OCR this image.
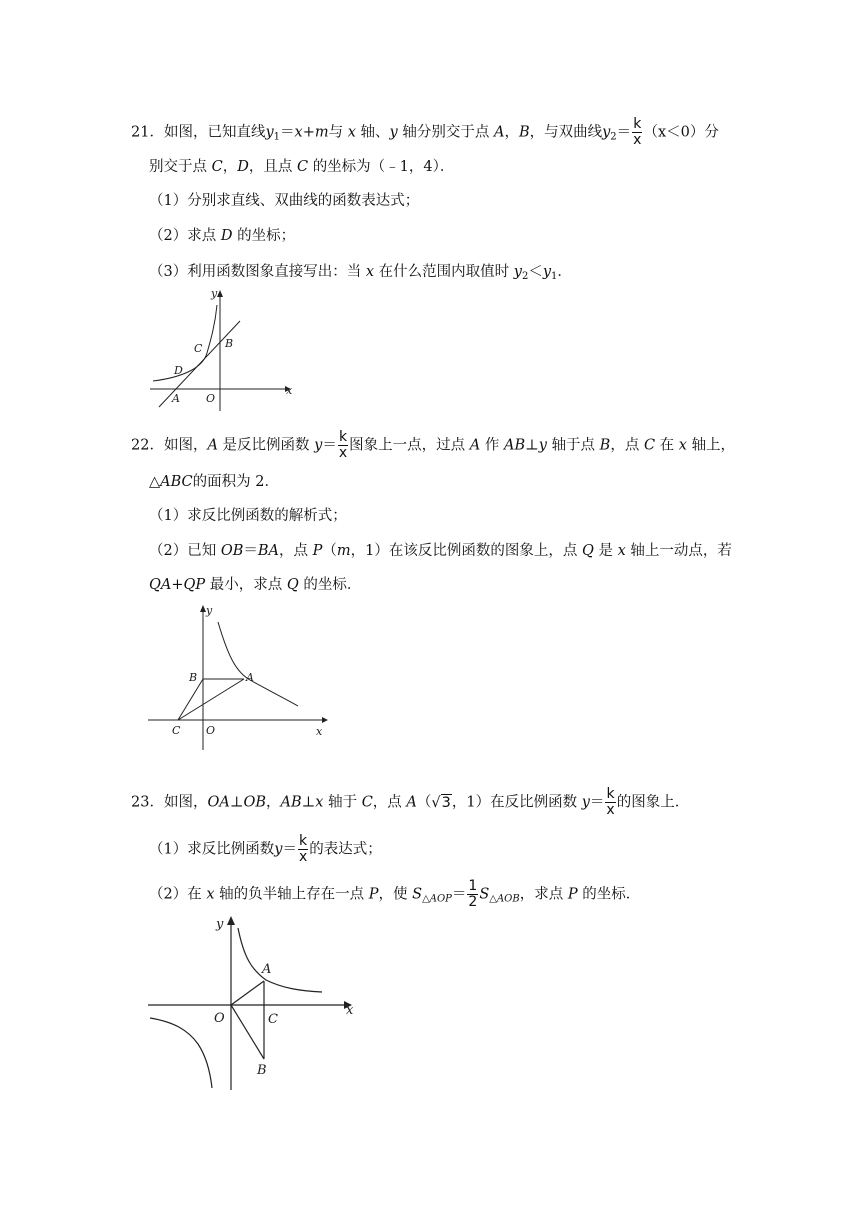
21．如图，已知直线$y_1=x+m$与 x 轴、y 轴分别交于点 A，B，与双曲线$y_2= \frac{k}{x} (x<0)$分
别交于点 C，D，且点 C 的坐标为（﹣1，4）．
（1）分别求直线、双曲线的函数表达式；
（2）求点 D 的坐标；
（3）利用函数图象直接写出：当 x 在什么范围内取值时 $y_2<y_1$．
y
x
B
C
D
A O
22．如图，A 是反比例函数 $y= \frac{k}{x}$ 图象上一点，过点 A 作 AB⊥y 轴于点 B，点 C 在 x 轴上，
△ABC的面积为 2．
（1）求反比例函数的解析式；
（2）已知 OB＝BA，点 P（m，1）在该反比例函数的图象上，点 Q 是 x 轴上一动点，若
QA+QP 最小，求点 Q 的坐标．
y
x
B	A
C O
23．如图，OA⊥OB，AB⊥x 轴于 C，点 A（√3，1）在反比例函数 $y= \frac{k}{x}$ 的图象上．
（1）求反比例函数$y= \frac{k}{x}$ 的表达式；
（2）在 x 轴的负半轴上存在一点 P，使 $S_{\triangle AOP}= \frac{1}{2} S_{\triangle AOB}$，求点 P 的坐标．
y
x
A
O	C
B
